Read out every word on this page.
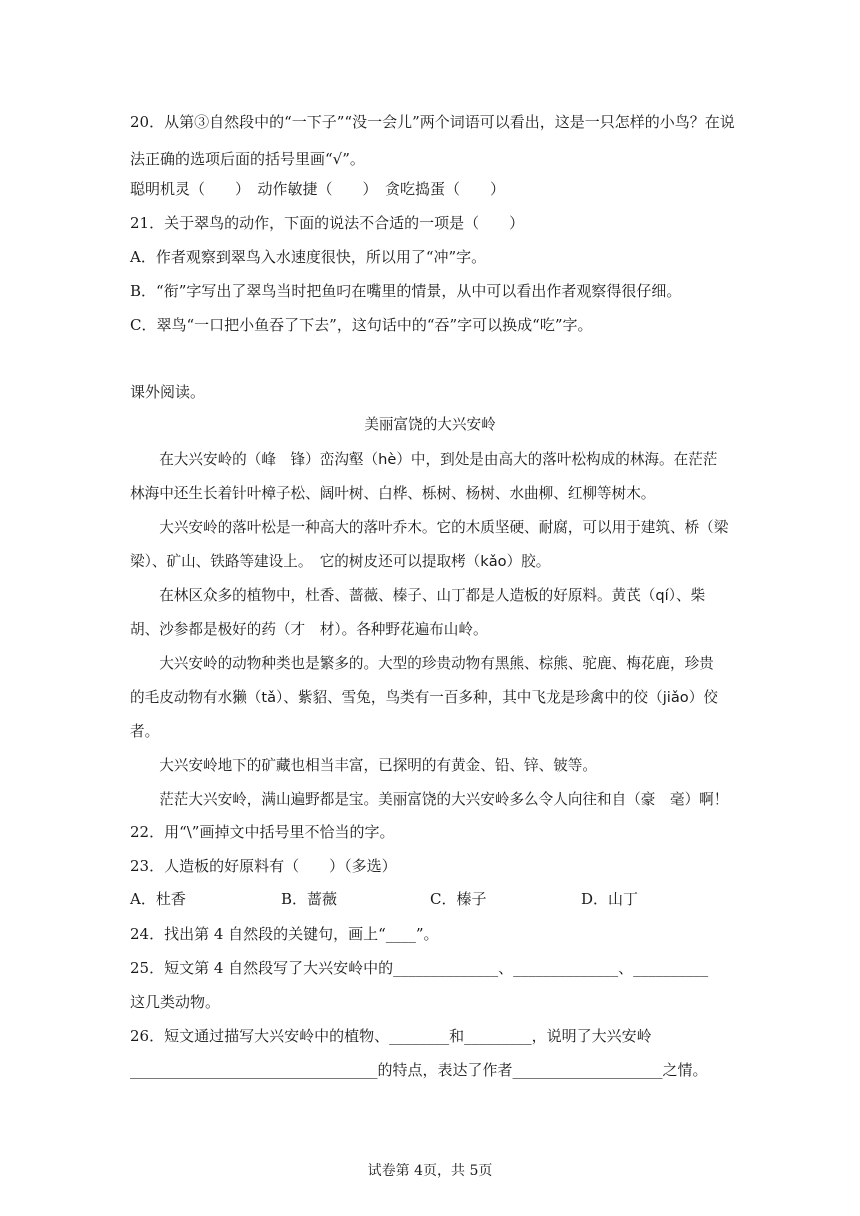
20．从第③自然段中的“一下子”“没一会儿”两个词语可以看出，这是一只怎样的小鸟？在说
法正确的选项后面的括号里画“√”。
聪明机灵（　　）　动作敏捷（　　）　贪吃捣蛋（　　）
21．关于翠鸟的动作，下面的说法不合适的一项是（　　）
A．作者观察到翠鸟入水速度很快，所以用了“冲”字。
B．“衔”字写出了翠鸟当时把鱼叼在嘴里的情景，从中可以看出作者观察得很仔细。
C．翠鸟“一口把小鱼吞了下去”，这句话中的“吞”字可以换成“吃”字。
课外阅读。
美丽富饶的大兴安岭
　　在大兴安岭的（峰　锋）峦沟壑（hè）中，到处是由高大的落叶松构成的林海。在茫茫
林海中还生长着针叶樟子松、阔叶树、白桦、栎树、杨树、水曲柳、红柳等树木。
　　大兴安岭的落叶松是一种高大的落叶乔木。它的木质坚硬、耐腐，可以用于建筑、桥（梁
梁）、矿山、铁路等建设上。　它的树皮还可以提取栲（kǎo）胶。
　　在林区众多的植物中，杜香、蔷薇、榛子、山丁都是人造板的好原料。黄芪（qí）、柴
胡、沙参都是极好的药（才　材）。各种野花遍布山岭。
　　大兴安岭的动物种类也是繁多的。大型的珍贵动物有黑熊、棕熊、驼鹿、梅花鹿，珍贵
的毛皮动物有水獭（tǎ）、紫貂、雪兔，鸟类有一百多种，其中飞龙是珍禽中的佼（jiǎo）佼
者。
　　大兴安岭地下的矿藏也相当丰富，已探明的有黄金、铅、锌、铍等。
　　茫茫大兴安岭，满山遍野都是宝。美丽富饶的大兴安岭多么令人向往和自（豪　毫）啊！
22．用“\”画掉文中括号里不恰当的字。
23．人造板的好原料有（　　）（多选）
A．杜香	B．蔷薇	C．榛子	D．山丁
24．找出第 4 自然段的关键句，画上“____”。
25．短文第 4 自然段写了大兴安岭中的______________、______________、__________
这几类动物。
26．短文通过描写大兴安岭中的植物、________和_________，说明了大兴安岭
_________________________________的特点，表达了作者____________________之情。
试卷第 4页，共 5页
